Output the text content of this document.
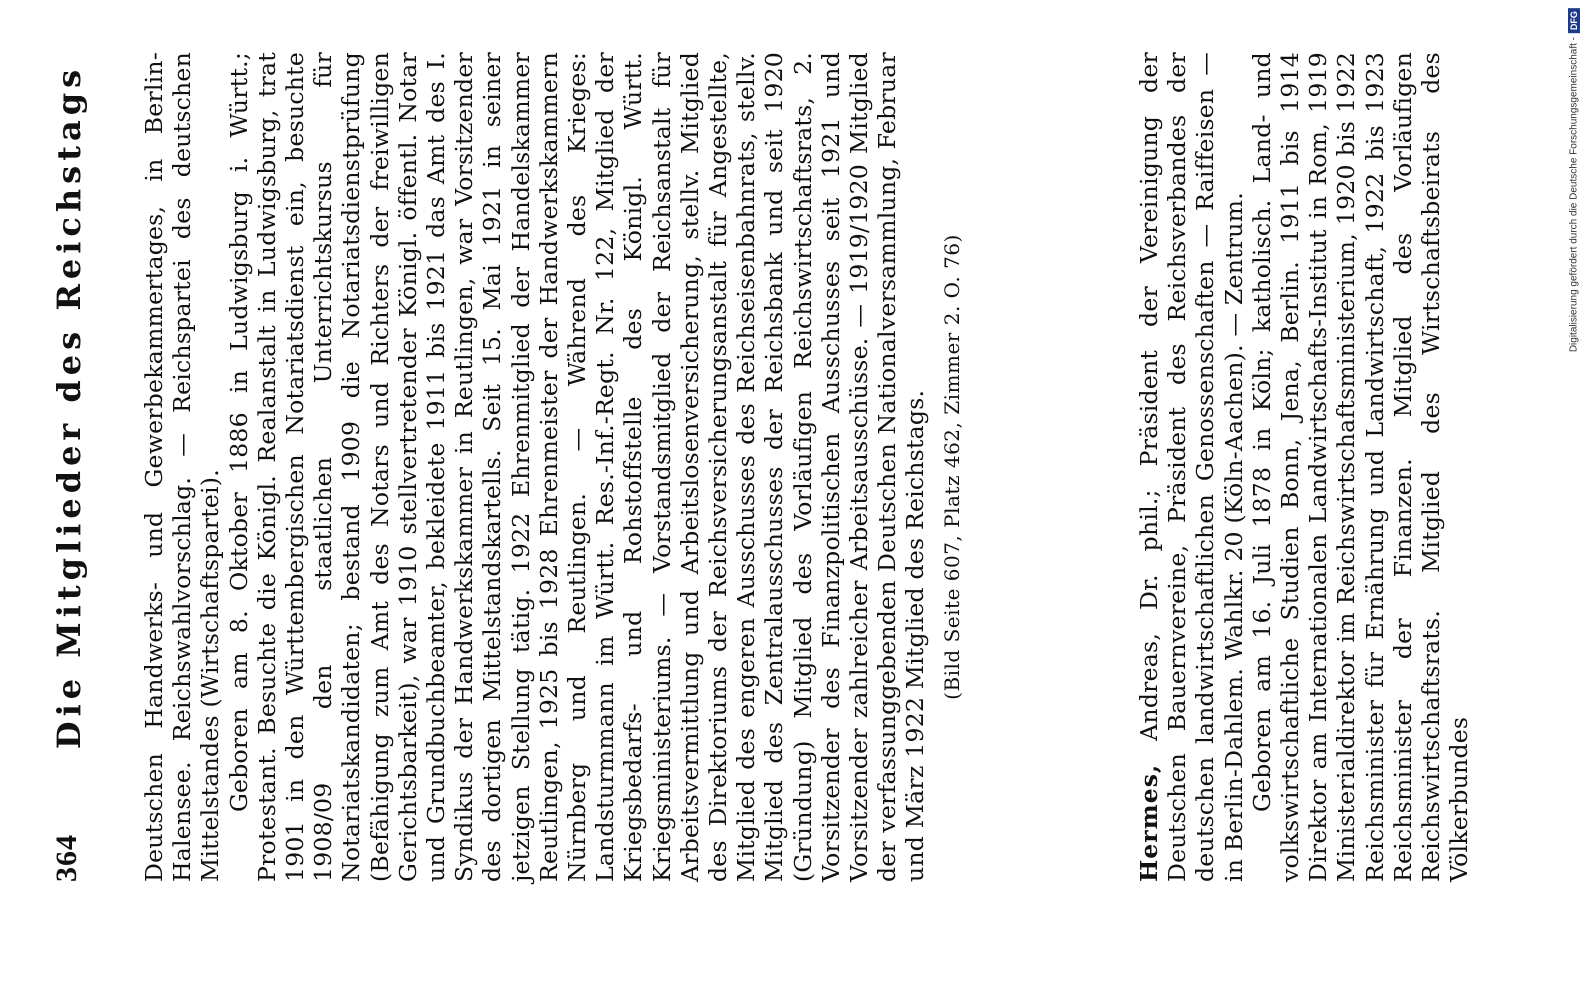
364
Die Mitglieder des Reichstags Deutschen Handwerks- und Gewerbekammertages, in Berlin-Halensee. Reichswahlvorschlag. — Reichspartei des deutschen Mittelstandes (Wirtschaftspartei). Geboren am 8. Oktober 1886 in Ludwigsburg i. Württ.; Protestant. Besuchte die Königl. Realanstalt in Ludwigsburg, trat 1901 in den Württembergischen Notariatsdienst ein, besuchte 1908/09 den staatlichen Unterrichtskursus für Notariatskandidaten; bestand 1909 die Notariatsdienstprüfung (Befähigung zum Amt des Notars und Richters der freiwilligen Gerichtsbarkeit), war 1910 stellvertretender Königl. öffentl. Notar und Grundbuchbeamter, bekleidete 1911 bis 1921 das Amt des I. Syndikus der Handwerkskammer in Reutlingen, war Vorsitzender des dortigen Mittelstandskartells. Seit 15. Mai 1921 in seiner jetzigen Stellung tätig. 1922 Ehrenmitglied der Handelskammer Reutlingen, 1925 bis 1928 Ehrenmeister der Handwerkskammern Nürnberg und Reutlingen. — Während des Krieges: Landsturmmann im Württ. Res.-Inf.-Regt. Nr. 122, Mitglied der Kriegsbedarfs- und Rohstoffstelle des Königl. Württ. Kriegsministeriums. — Vorstandsmitglied der Reichsanstalt für Arbeitsvermittlung und Arbeitslosenversicherung, stellv. Mitglied des Direktoriums der Reichsversicherungsanstalt für Angestellte, Mitglied des engeren Ausschusses des Reichseisenbahnrats, stellv. Mitglied des Zentralausschusses der Reichsbank und seit 1920 (Gründung) Mitglied des Vorläufigen Reichswirtschaftsrats, 2. Vorsitzender des Finanzpolitischen Ausschusses seit 1921 und Vorsitzender zahlreicher Arbeitsausschüsse. — 1919/1920 Mitglied der verfassunggebenden Deutschen Nationalversammlung, Februar und März 1922 Mitglied des Reichstags. (Bild Seite 607, Platz 462, Zimmer 2. O. 76)

Hermes, Andreas, Dr. phil.; Präsident der Vereinigung der Deutschen Bauernvereine, Präsident des Reichsverbandes der deutschen landwirtschaftlichen Genossenschaften — Raiffeisen — in Berlin-Dahlem. Wahlkr. 20 (Köln-Aachen). — Zentrum. Geboren am 16. Juli 1878 in Köln; katholisch. Land- und volkswirtschaftliche Studien Bonn, Jena, Berlin. 1911 bis 1914 Direktor am Internationalen Landwirtschafts-Institut in Rom, 1919 Ministerialdirektor im Reichswirtschaftsministerium, 1920 bis 1922 Reichsminister für Ernährung und Landwirtschaft, 1922 bis 1923 Reichsminister der Finanzen. Mitglied des Vorläufigen Reichswirtschaftsrats. Mitglied des Wirtschaftsbeirats des Völkerbundes

Digitalisierung gefördert durch die Deutsche Forschungsgemeinschaft -
DFG
